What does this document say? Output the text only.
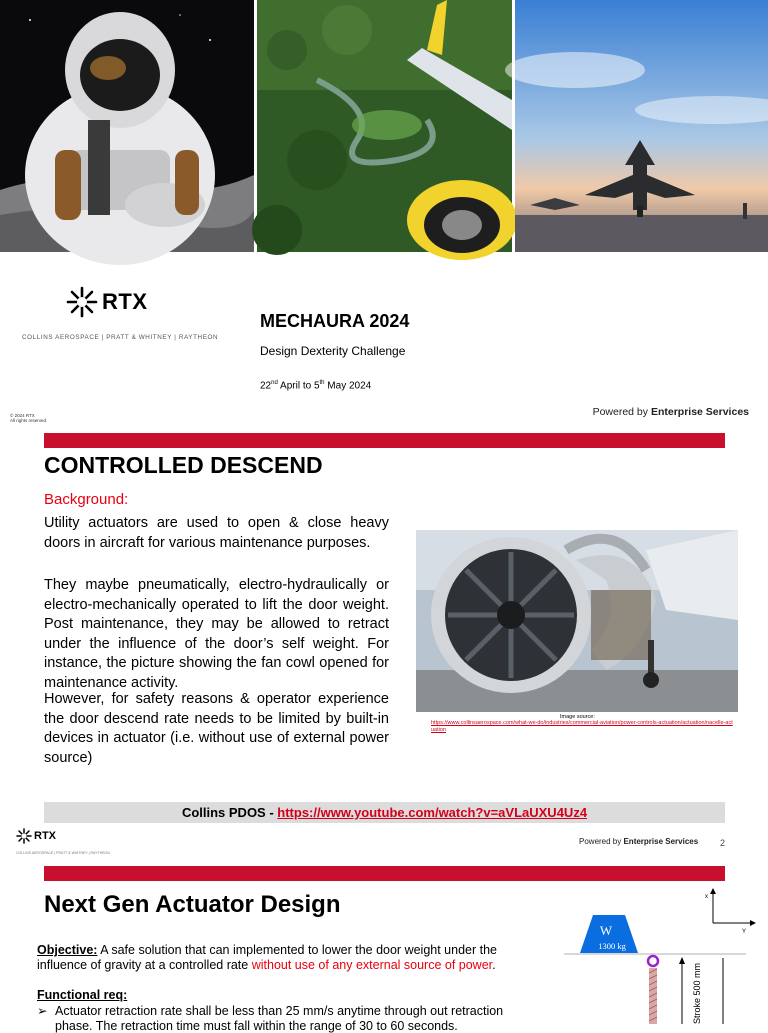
RTX
COLLINS AEROSPACE | PRATT & WHITNEY | RAYTHEON
MECHAURA 2024
Design Dexterity Challenge
22nd April to 5th May 2024
© 2024 RTX
All rights reserved.
Powered by Enterprise Services
CONTROLLED DESCEND
Background:
Utility actuators are used to open & close heavy doors in aircraft for various maintenance purposes.
They maybe pneumatically, electro-hydraulically or electro-mechanically operated to lift the door weight. Post maintenance, they may be allowed to retract under the influence of the door’s self weight. For instance, the picture showing the fan cowl opened for maintenance activity.
However, for safety reasons & operator experience the door descend rate needs to be limited by built-in devices in actuator (i.e. without use of external power source)
Image source:
https://www.collinsaerospace.com/what-we-do/industries/commercial-aviation/power-controls-actuation/actuation/nacelle-actuation
Collins PDOS - https://www.youtube.com/watch?v=aVLaUXU4Uz4
RTX
COLLINS AEROSPACE | PRATT & WHITNEY | RAYTHEON
Powered by Enterprise Services 2
Next Gen Actuator Design
Objective: A safe solution that can implemented to lower the door weight under the influence of gravity at a controlled rate without use of any external source of power.
Functional req:
➢ Actuator retraction rate shall be less than 25 mm/s anytime through out retraction
phase. The retraction time must fall within the range of 30 to 60 seconds.
x
Y
W
1300 kg
Stroke 500 mm
